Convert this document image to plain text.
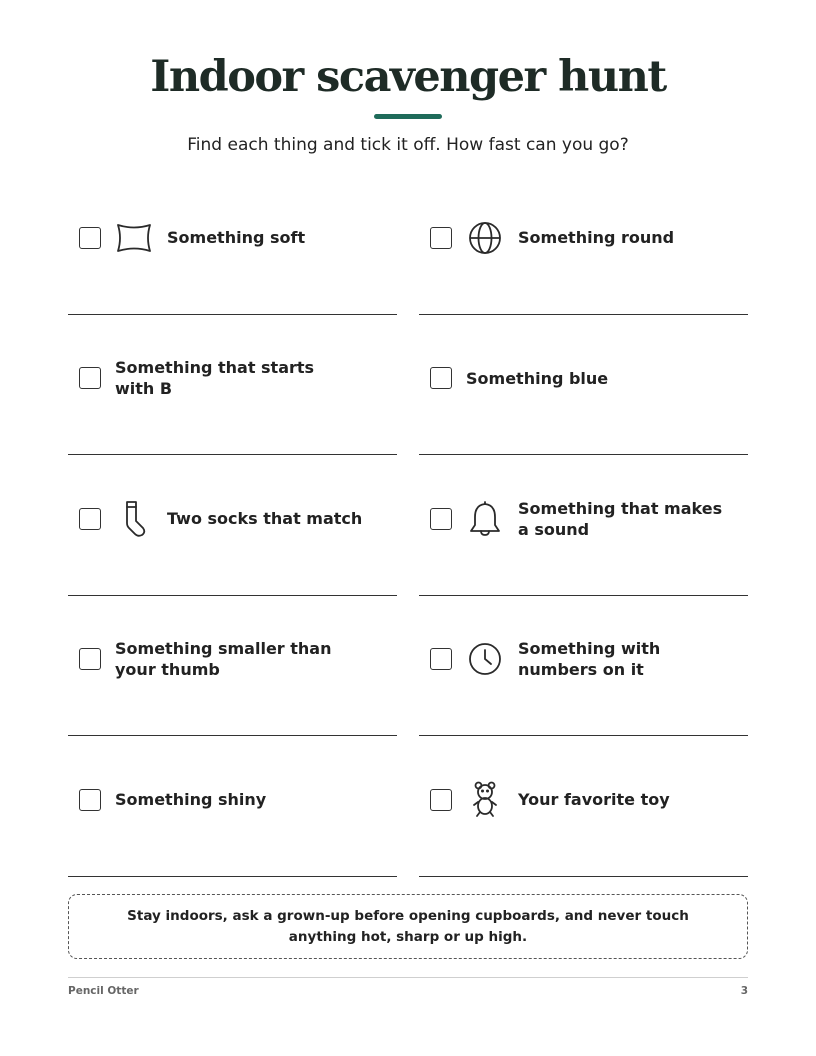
Indoor scavenger hunt
Find each thing and tick it off. How fast can you go?
Something soft	Something round
Something that starts with B
Something blue
Two socks that match
Something that makes a sound
Something smaller than your thumb
Something with numbers on it
Something shiny	Your favorite toy
Stay indoors, ask a grown-up before opening cupboards, and never touch anything hot, sharp or up high.
Pencil Otter	3
